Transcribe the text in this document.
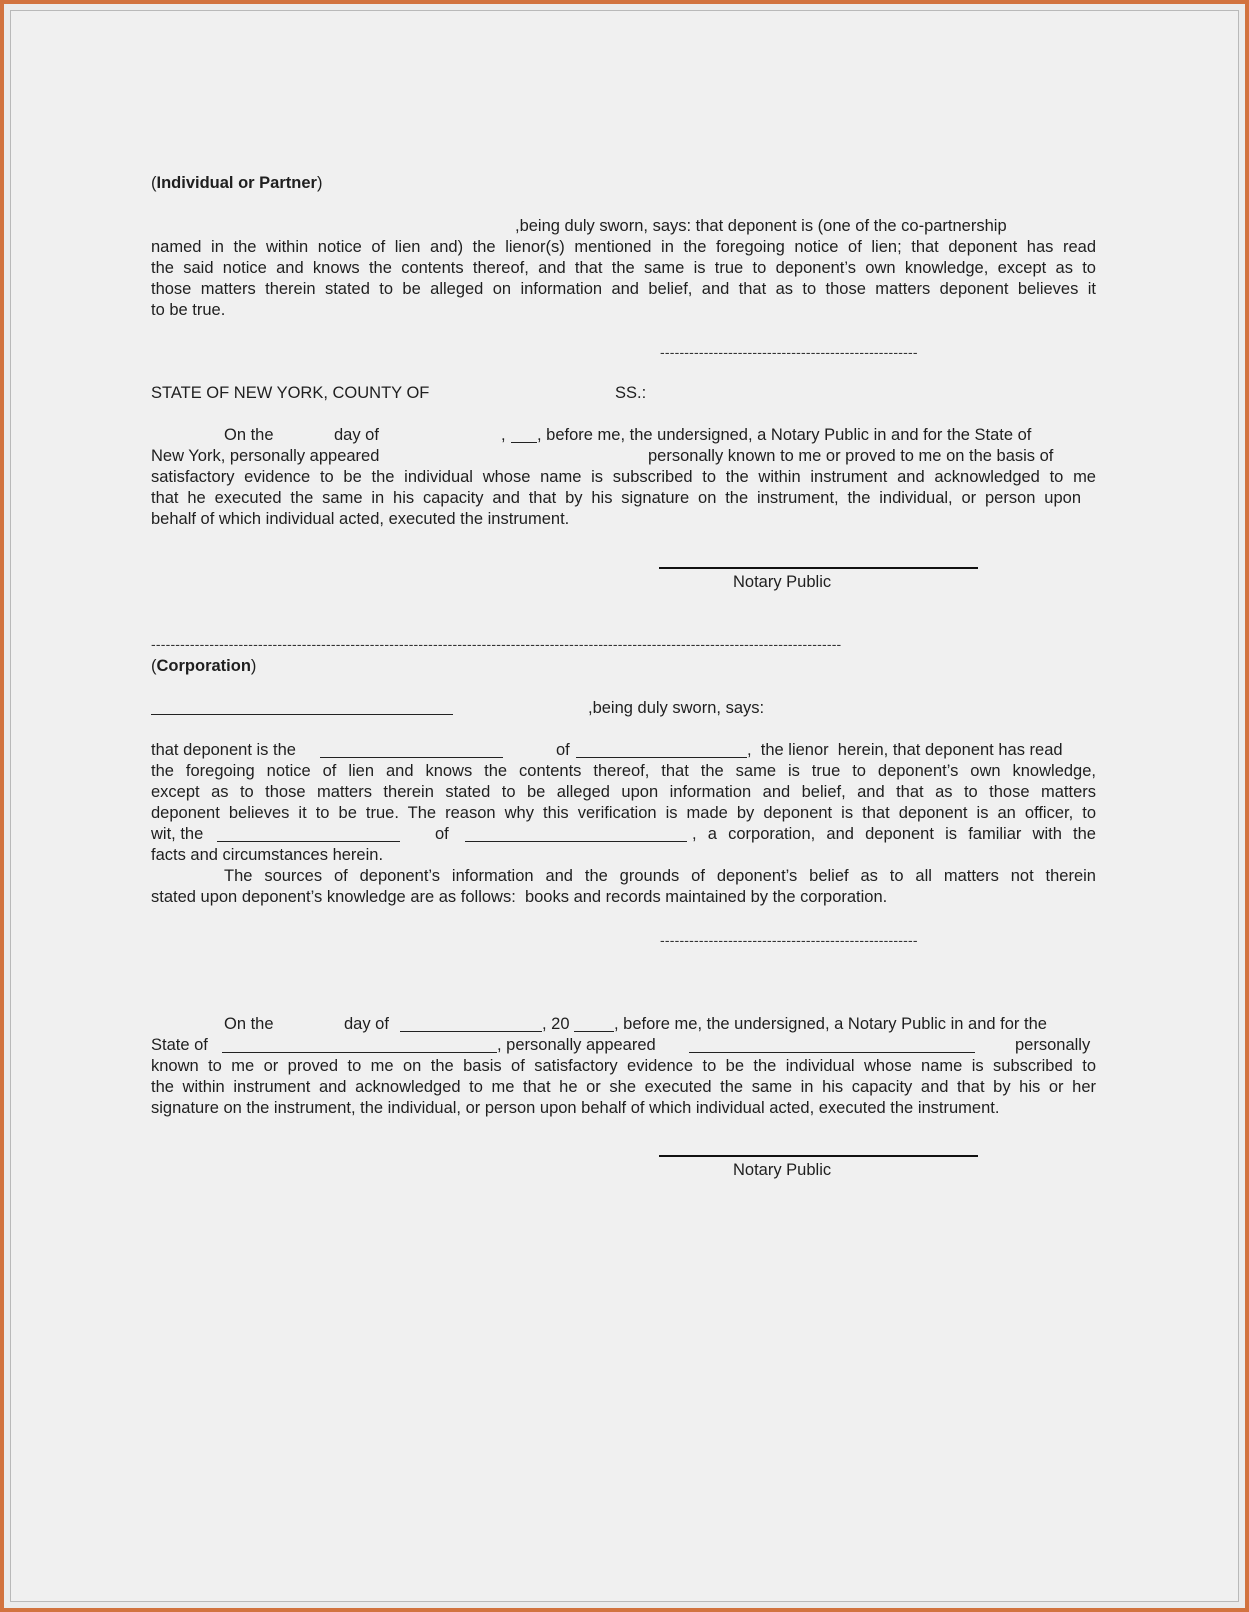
(Individual or Partner)
,being duly sworn, says: that deponent is (one of the co-partnership
named in the within notice of lien and) the lienor(s) mentioned in the foregoing notice of lien; that deponent has read
the said notice and knows the contents thereof, and that the same is true to deponent’s own knowledge, except as to
those matters therein stated to be alleged on information and belief, and that as to those matters deponent believes it
to be true.
-----------------------------------------------------
STATE OF NEW YORK, COUNTY OF	SS.:
On the	day of	, , before me, the undersigned, a Notary Public in and for the State of
New York, personally appeared	personally known to me or proved to me on the basis of
satisfactory evidence to be the individual whose name is subscribed to the within instrument and acknowledged to me
that he executed the same in his capacity and that by his signature on the instrument, the individual, or person upon
behalf of which individual acted, executed the instrument.
Notary Public
----------------------------------------------------------------------------------------------------------------------------------------------
(Corporation)
,being duly sworn, says:
that deponent is the	of	,  the lienor  herein, that deponent has read
the foregoing notice of lien and knows the contents thereof, that the same is true to deponent’s own knowledge,
except as to those matters therein stated to be alleged upon information and belief, and that as to those matters
deponent believes it to be true. The reason why this verification is made by deponent is that deponent is an officer, to
wit, the	of	, a corporation, and deponent is familiar with the
facts and circumstances herein.
The sources of deponent’s information and the grounds of deponent’s belief as to all matters not therein
stated upon deponent’s knowledge are as follows:  books and records maintained by the corporation.
-----------------------------------------------------
On the	day of	, 20	, before me, the undersigned, a Notary Public in and for the
State of	, personally appeared	personally
known to me or proved to me on the basis of satisfactory evidence to be the individual whose name is subscribed to
the within instrument and acknowledged to me that he or she executed the same in his capacity and that by his or her
signature on the instrument, the individual, or person upon behalf of which individual acted, executed the instrument.
Notary Public
